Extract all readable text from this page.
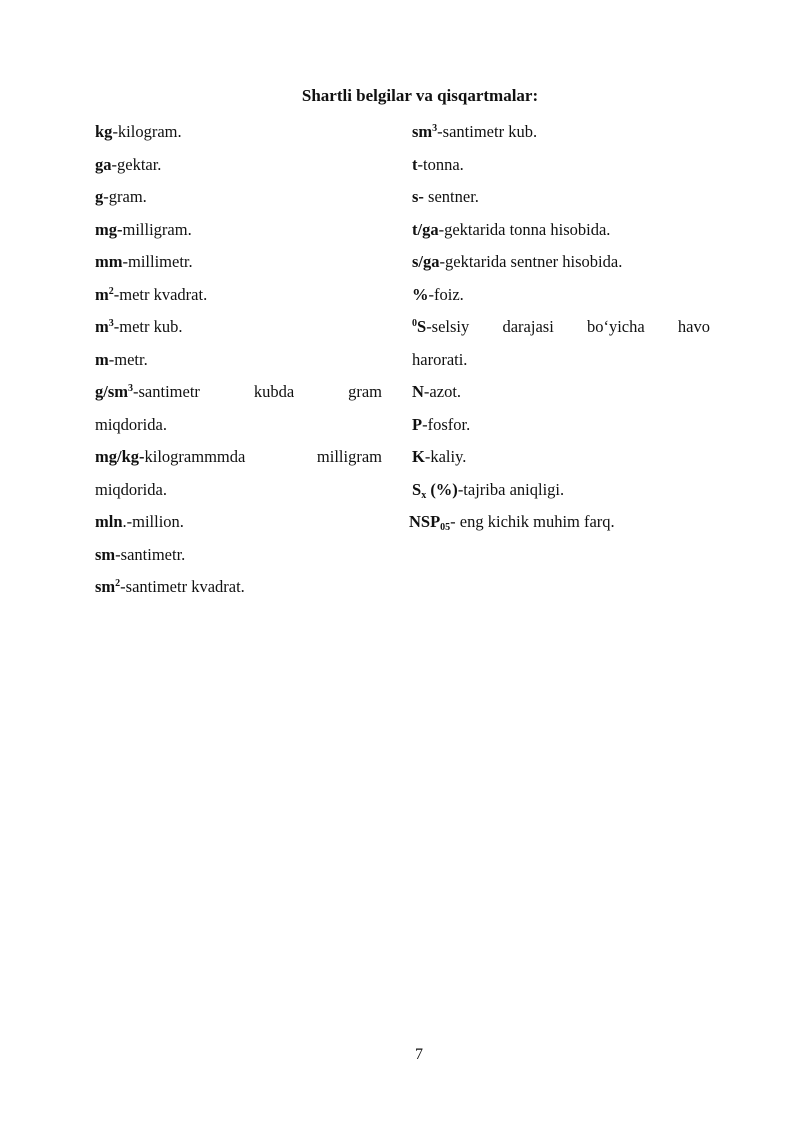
Shartli belgilar va qisqartmalar:
kg-kilogram.
ga-gektar.
g-gram.
mg-milligram.
mm-millimetr.
$m^2$-metr kvadrat.
$m^3$-metr kub.
m-metr.
$g/sm^3$-santimetr	kubda	gram
miqdorida.
mg/kg-kilogrammmda	milligram
miqdorida.
mln.-million.
sm-santimetr.
$sm^2$-santimetr kvadrat.
$sm^3$-santimetr kub.
t-tonna.
s- sentner.
t/ga-gektarida tonna hisobida.
s/ga-gektarida sentner hisobida.
%-foiz.
$^0$S-selsiy darajasi bo‘yicha havo
harorati.
N-azot.
P-fosfor.
K-kaliy.
$S_x$ (%)-tajriba aniqligi.
$NSP_{05}-$ eng kichik muhim farq.
7
